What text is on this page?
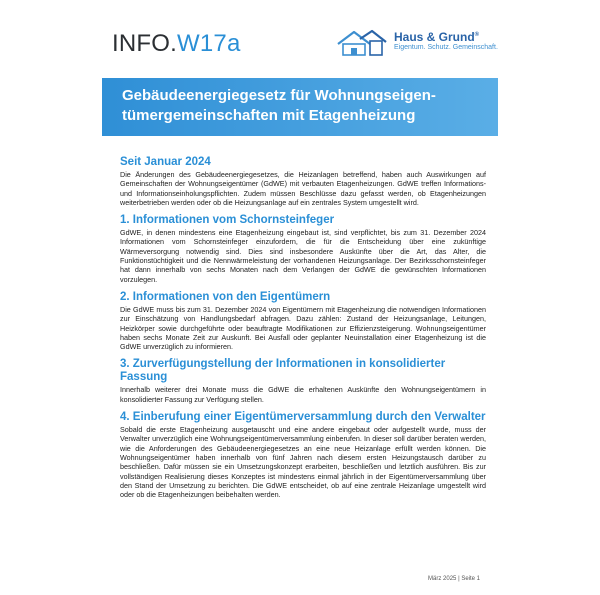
INFO.W17a	Haus & Grund®
Eigentum. Schutz. Gemeinschaft.
Gebäudeenergiegesetz für Wohnungseigen-
tümergemeinschaften mit Etagenheizung
Seit Januar 2024
Die Änderungen des Gebäudeenergiegesetzes, die Heizanlagen betreffend, haben auch Auswirkungen auf Gemeinschaften der Wohnungseigentümer (GdWE) mit verbauten Etagenheizungen. GdWE treffen Informations- und Informationseinholungspflichten. Zudem müssen Beschlüsse dazu gefasst werden, ob Etagenheizungen weiterbetrieben werden oder ob die Heizungsanlage auf ein zentrales System umgestellt wird.
1. Informationen vom Schornsteinfeger
GdWE, in denen mindestens eine Etagenheizung eingebaut ist, sind verpflichtet, bis zum 31. Dezember 2024 Informationen vom Schornsteinfeger einzufordern, die für die Entscheidung über eine zukünftige Wärmeversorgung notwendig sind. Dies sind insbesondere Auskünfte über die Art, das Alter, die Funktionstüchtigkeit und die Nennwärmeleistung der vorhandenen Heizungsanlage. Der Bezirksschornsteinfeger hat dann innerhalb von sechs Monaten nach dem Verlangen der GdWE die gewünschten Informationen vorzulegen.
2. Informationen von den Eigentümern
Die GdWE muss bis zum 31. Dezember 2024 von Eigentümern mit Etagenheizung die notwendigen Informationen zur Einschätzung von Handlungsbedarf abfragen. Dazu zählen: Zustand der Heizungsanlage, Leitungen, Heizkörper sowie durchgeführte oder beauftragte Modifikationen zur Effizienzsteigerung. Wohnungseigentümer haben sechs Monate Zeit zur Auskunft. Bei Ausfall oder geplanter Neuinstallation einer Etagenheizung ist die GdWE unverzüglich zu informieren.
3. Zurverfügungstellung der Informationen in konsolidierter Fassung
Innerhalb weiterer drei Monate muss die GdWE die erhaltenen Auskünfte den Wohnungseigentümern in konsolidierter Fassung zur Verfügung stellen.
4. Einberufung einer Eigentümerversammlung durch den Verwalter
Sobald die erste Etagenheizung ausgetauscht und eine andere eingebaut oder aufgestellt wurde, muss der Verwalter unverzüglich eine Wohnungseigentümerversammlung einberufen. In dieser soll darüber beraten werden, wie die Anforderungen des Gebäudeenergiegesetzes an eine neue Heizanlage erfüllt werden können. Die Wohnungseigentümer haben innerhalb von fünf Jahren nach diesem ersten Heizungstausch darüber zu beschließen. Dafür müssen sie ein Umsetzungskonzept erarbeiten, beschließen und letztlich ausführen. Bis zur vollständigen Realisierung dieses Konzeptes ist mindestens einmal jährlich in der Eigentümerversammlung über den Stand der Umsetzung zu berichten. Die GdWE entscheidet, ob auf eine zentrale Heizanlage umgestellt wird oder ob die Etagenheizungen beibehalten werden.
März 2025 | Seite 1
